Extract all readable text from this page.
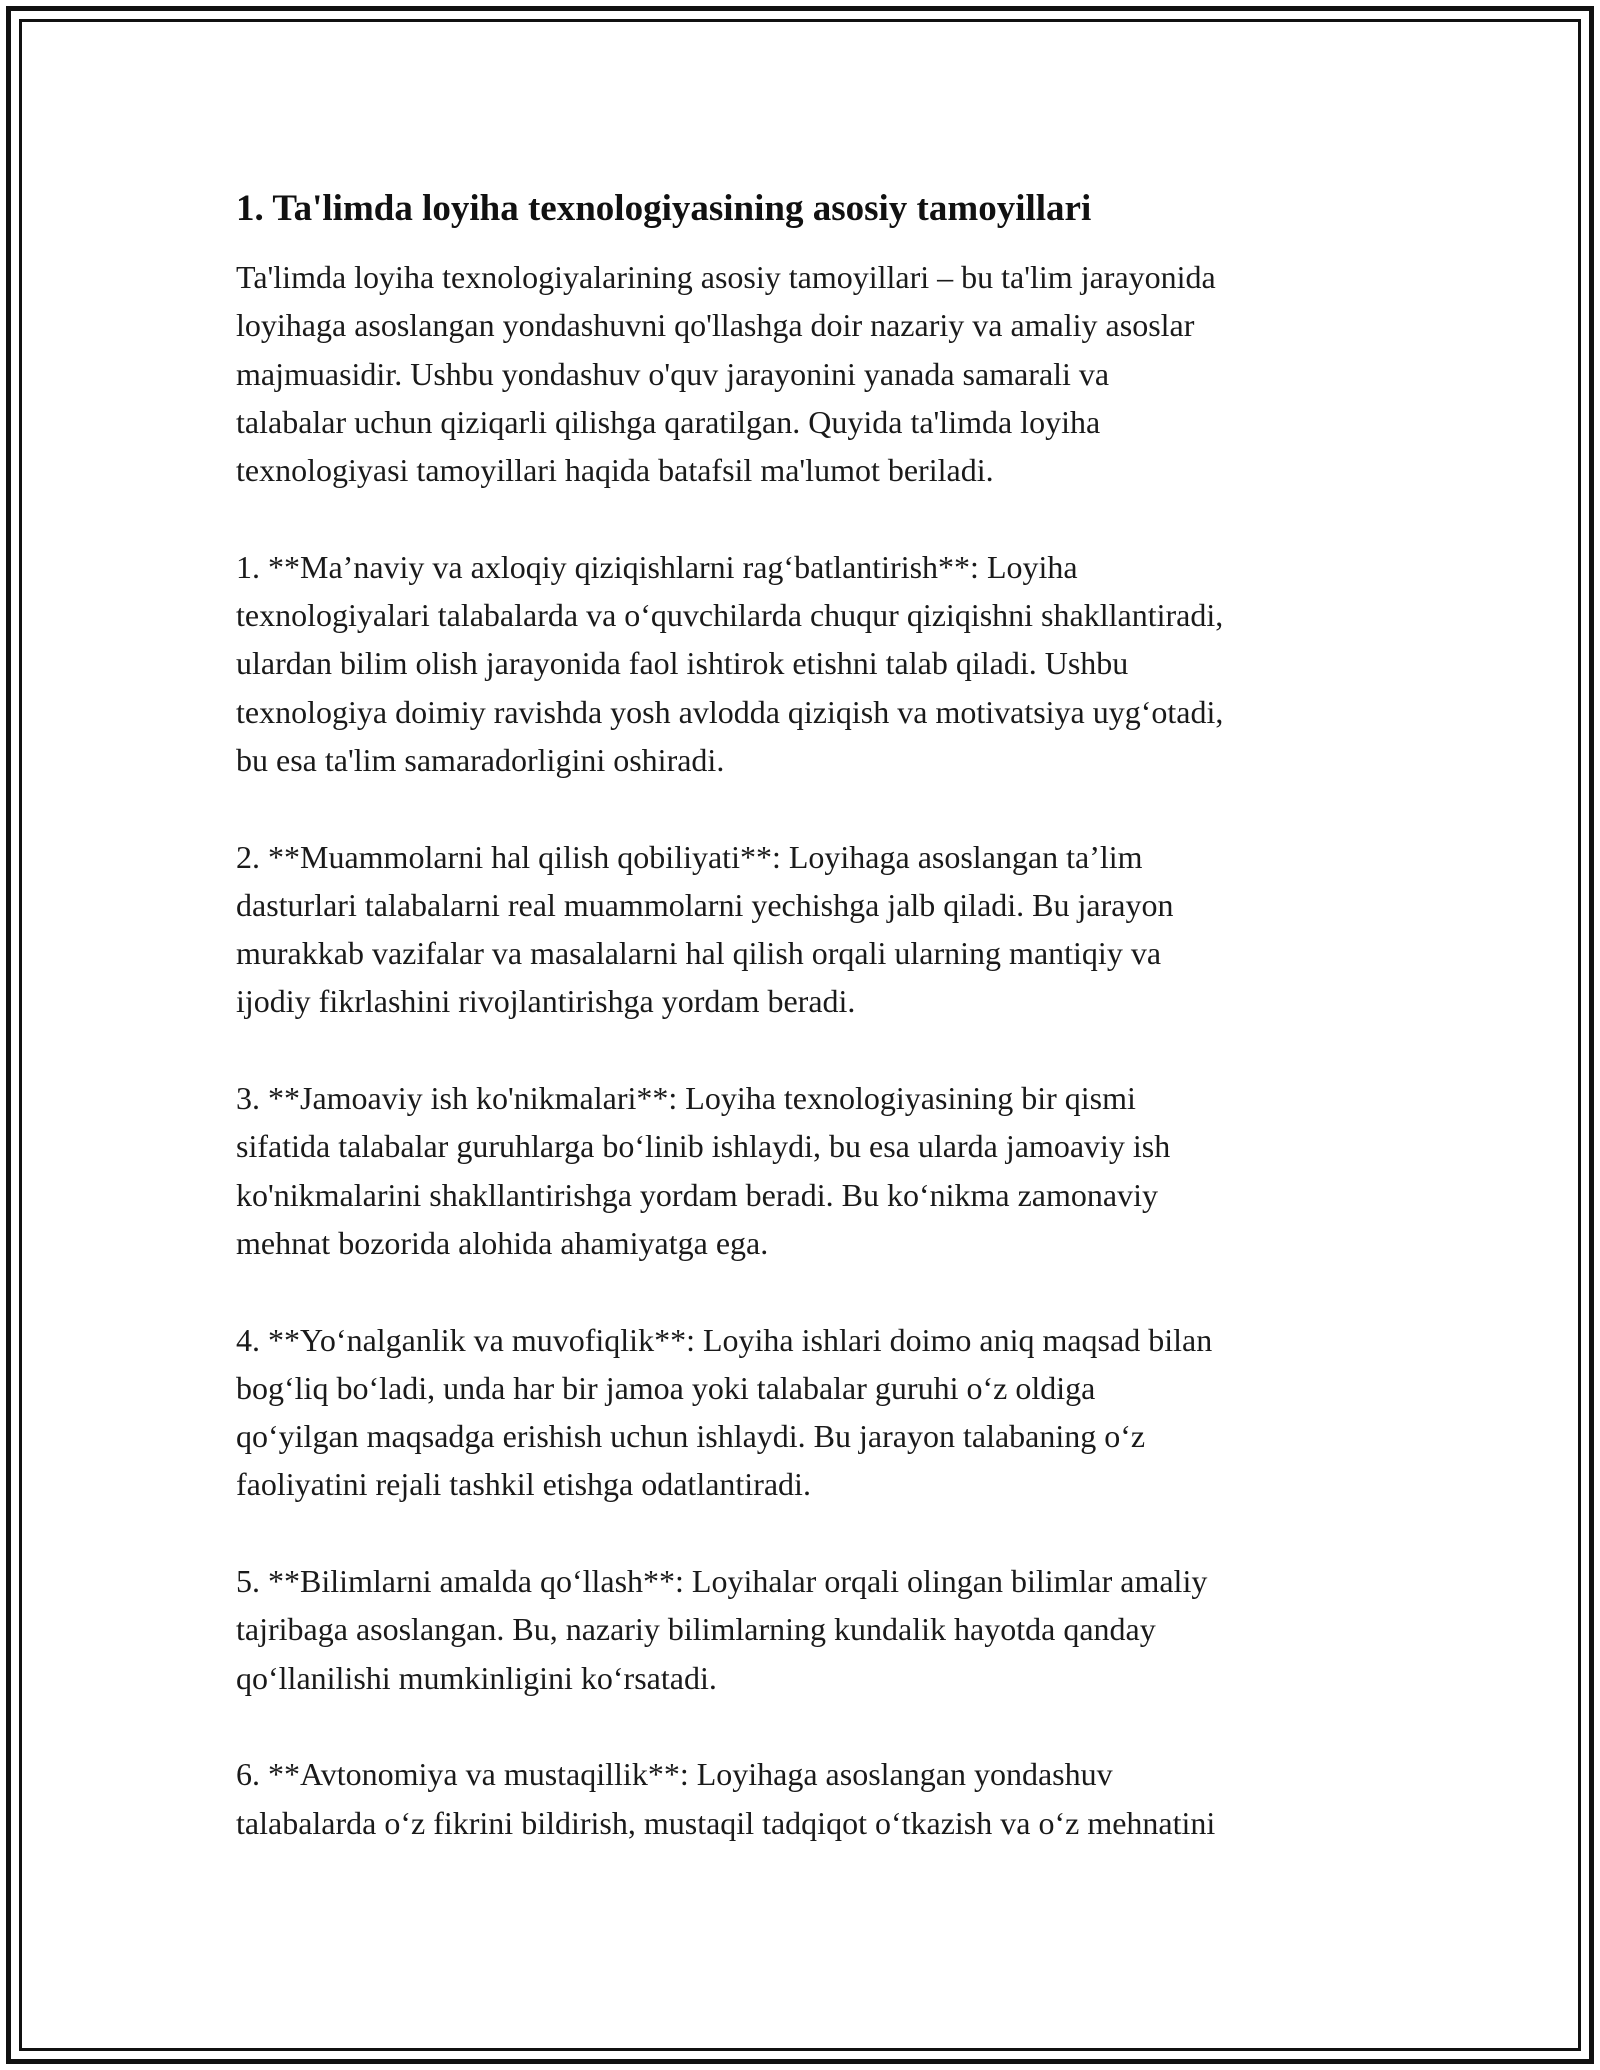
1. Ta'limda loyiha texnologiyasining asosiy tamoyillari
Ta'limda loyiha texnologiyalarining asosiy tamoyillari – bu ta'lim jarayonida
loyihaga asoslangan yondashuvni qo'llashga doir nazariy va amaliy asoslar
majmuasidir. Ushbu yondashuv o'quv jarayonini yanada samarali va
talabalar uchun qiziqarli qilishga qaratilgan. Quyida ta'limda loyiha
texnologiyasi tamoyillari haqida batafsil ma'lumot beriladi.
1. **Ma’naviy va axloqiy qiziqishlarni rag‘batlantirish**: Loyiha
texnologiyalari talabalarda va o‘quvchilarda chuqur qiziqishni shakllantiradi,
ulardan bilim olish jarayonida faol ishtirok etishni talab qiladi. Ushbu
texnologiya doimiy ravishda yosh avlodda qiziqish va motivatsiya uyg‘otadi,
bu esa ta'lim samaradorligini oshiradi.
2. **Muammolarni hal qilish qobiliyati**: Loyihaga asoslangan ta’lim
dasturlari talabalarni real muammolarni yechishga jalb qiladi. Bu jarayon
murakkab vazifalar va masalalarni hal qilish orqali ularning mantiqiy va
ijodiy fikrlashini rivojlantirishga yordam beradi.
3. **Jamoaviy ish ko'nikmalari**: Loyiha texnologiyasining bir qismi
sifatida talabalar guruhlarga bo‘linib ishlaydi, bu esa ularda jamoaviy ish
ko'nikmalarini shakllantirishga yordam beradi. Bu ko‘nikma zamonaviy
mehnat bozorida alohida ahamiyatga ega.
4. **Yo‘nalganlik va muvofiqlik**: Loyiha ishlari doimo aniq maqsad bilan
bog‘liq bo‘ladi, unda har bir jamoa yoki talabalar guruhi o‘z oldiga
qo‘yilgan maqsadga erishish uchun ishlaydi. Bu jarayon talabaning o‘z
faoliyatini rejali tashkil etishga odatlantiradi.
5. **Bilimlarni amalda qo‘llash**: Loyihalar orqali olingan bilimlar amaliy
tajribaga asoslangan. Bu, nazariy bilimlarning kundalik hayotda qanday
qo‘llanilishi mumkinligini ko‘rsatadi.
6. **Avtonomiya va mustaqillik**: Loyihaga asoslangan yondashuv
talabalarda o‘z fikrini bildirish, mustaqil tadqiqot o‘tkazish va o‘z mehnatini
